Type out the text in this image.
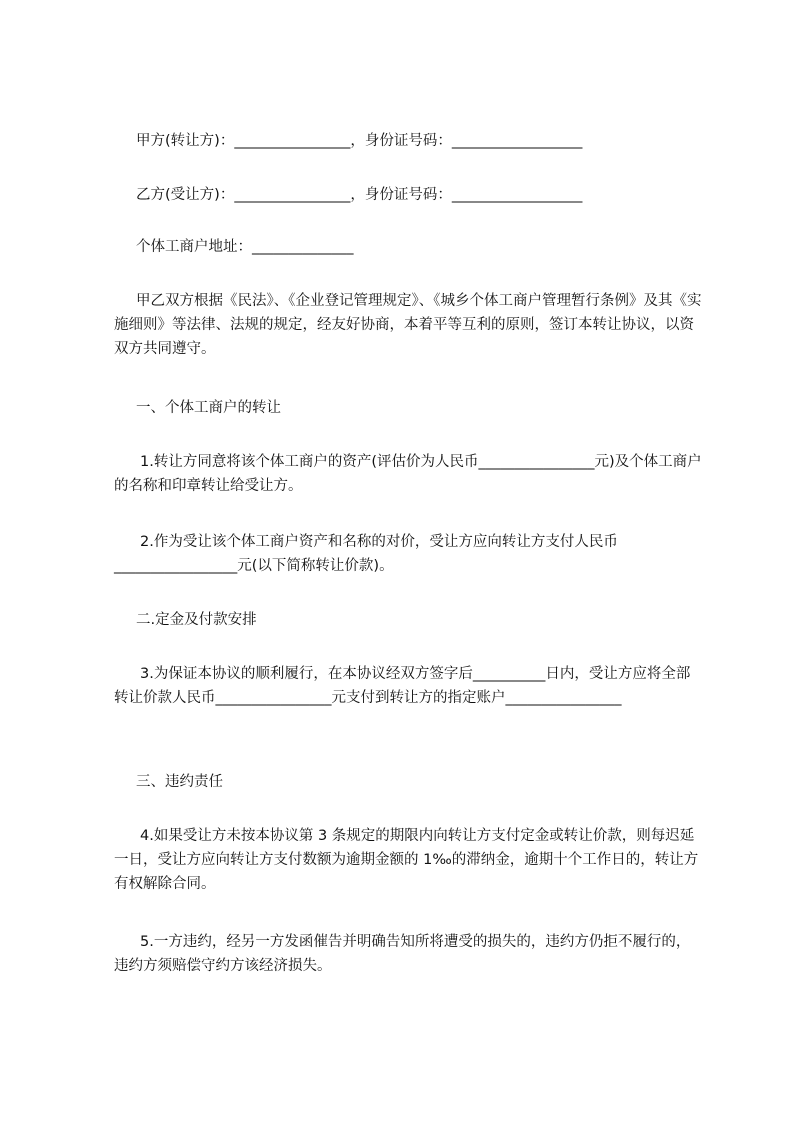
甲方(转让方)：________________，身份证号码：__________________

乙方(受让方)：________________，身份证号码：__________________

个体工商户地址：______________

甲乙双方根据《民法》、《企业登记管理规定》、《城乡个体工商户管理暂行条例》及其《实施细则》等法律、法规的规定，经友好协商，本着平等互利的原则，签订本转让协议，以资双方共同遵守。

一、个体工商户的转让

1.转让方同意将该个体工商户的资产(评估价为人民币________________元)及个体工商户的名称和印章转让给受让方。

2.作为受让该个体工商户资产和名称的对价，受让方应向转让方支付人民币_________________元(以下简称转让价款)。

二.定金及付款安排

3.为保证本协议的顺利履行，在本协议经双方签字后__________日内，受让方应将全部转让价款人民币________________元支付到转让方的指定账户________________

三、违约责任

4.如果受让方未按本协议第 3 条规定的期限内向转让方支付定金或转让价款，则每迟延一日，受让方应向转让方支付数额为逾期金额的 1‰的滞纳金，逾期十个工作日的，转让方有权解除合同。

5.一方违约，经另一方发函催告并明确告知所将遭受的损失的，违约方仍拒不履行的，违约方须赔偿守约方该经济损失。
